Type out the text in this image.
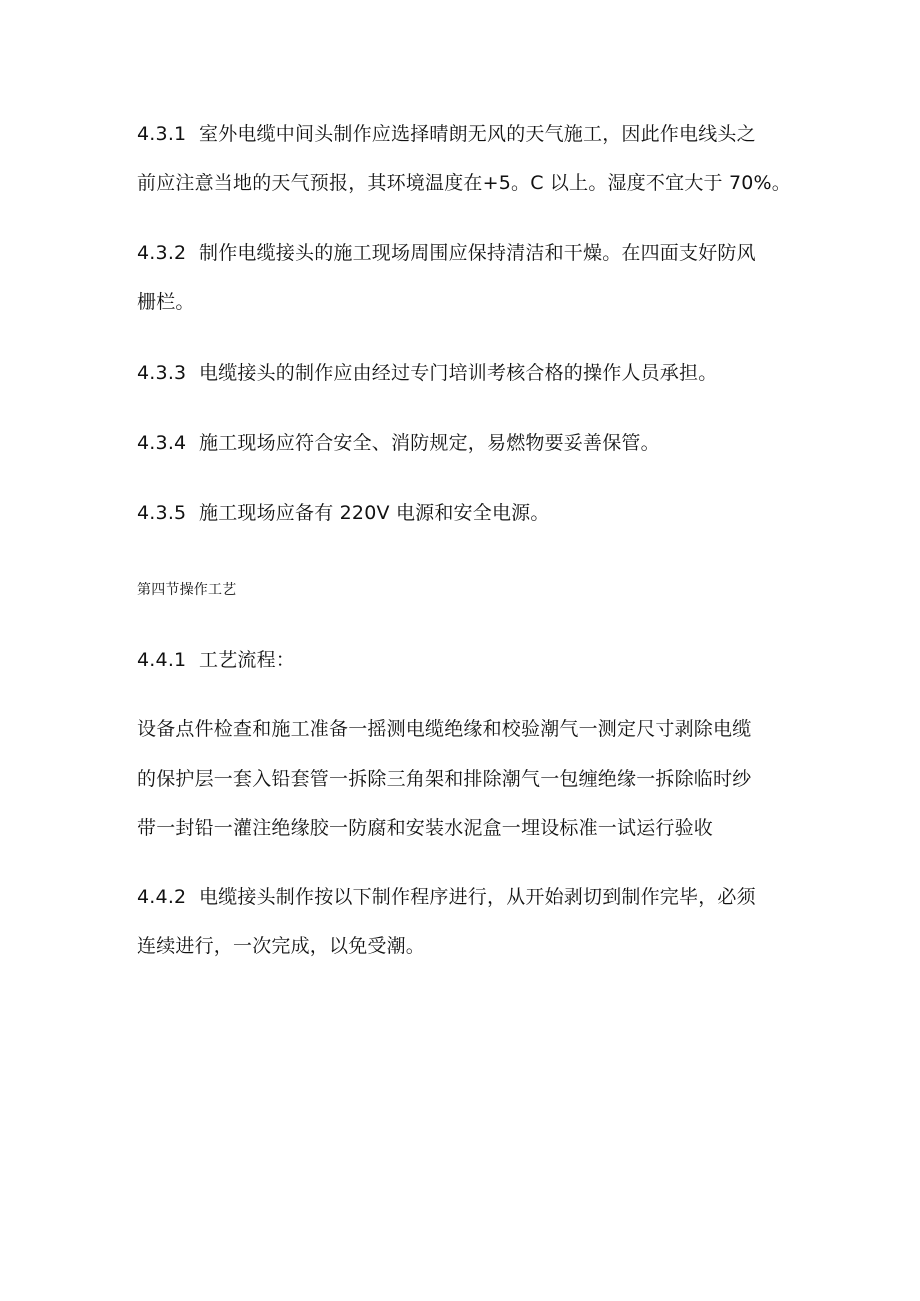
4.3.1 室外电缆中间头制作应选择晴朗无风的天气施工，因此作电线头之
前应注意当地的天气预报，其环境温度在+5。C 以上。湿度不宜大于 70%。
4.3.2 制作电缆接头的施工现场周围应保持清洁和干燥。在四面支好防风
栅栏。
4.3.3 电缆接头的制作应由经过专门培训考核合格的操作人员承担。
4.3.4 施工现场应符合安全、消防规定，易燃物要妥善保管。
4.3.5 施工现场应备有 220V 电源和安全电源。
第四节操作工艺
4.4.1 工艺流程：
设备点件检查和施工准备一摇测电缆绝缘和校验潮气一测定尺寸剥除电缆
的保护层一套入铅套管一拆除三角架和排除潮气一包缠绝缘一拆除临时纱
带一封铅一灌注绝缘胶一防腐和安装水泥盒一埋设标准一试运行验收
4.4.2 电缆接头制作按以下制作程序进行，从开始剥切到制作完毕，必须
连续进行，一次完成，以免受潮。
